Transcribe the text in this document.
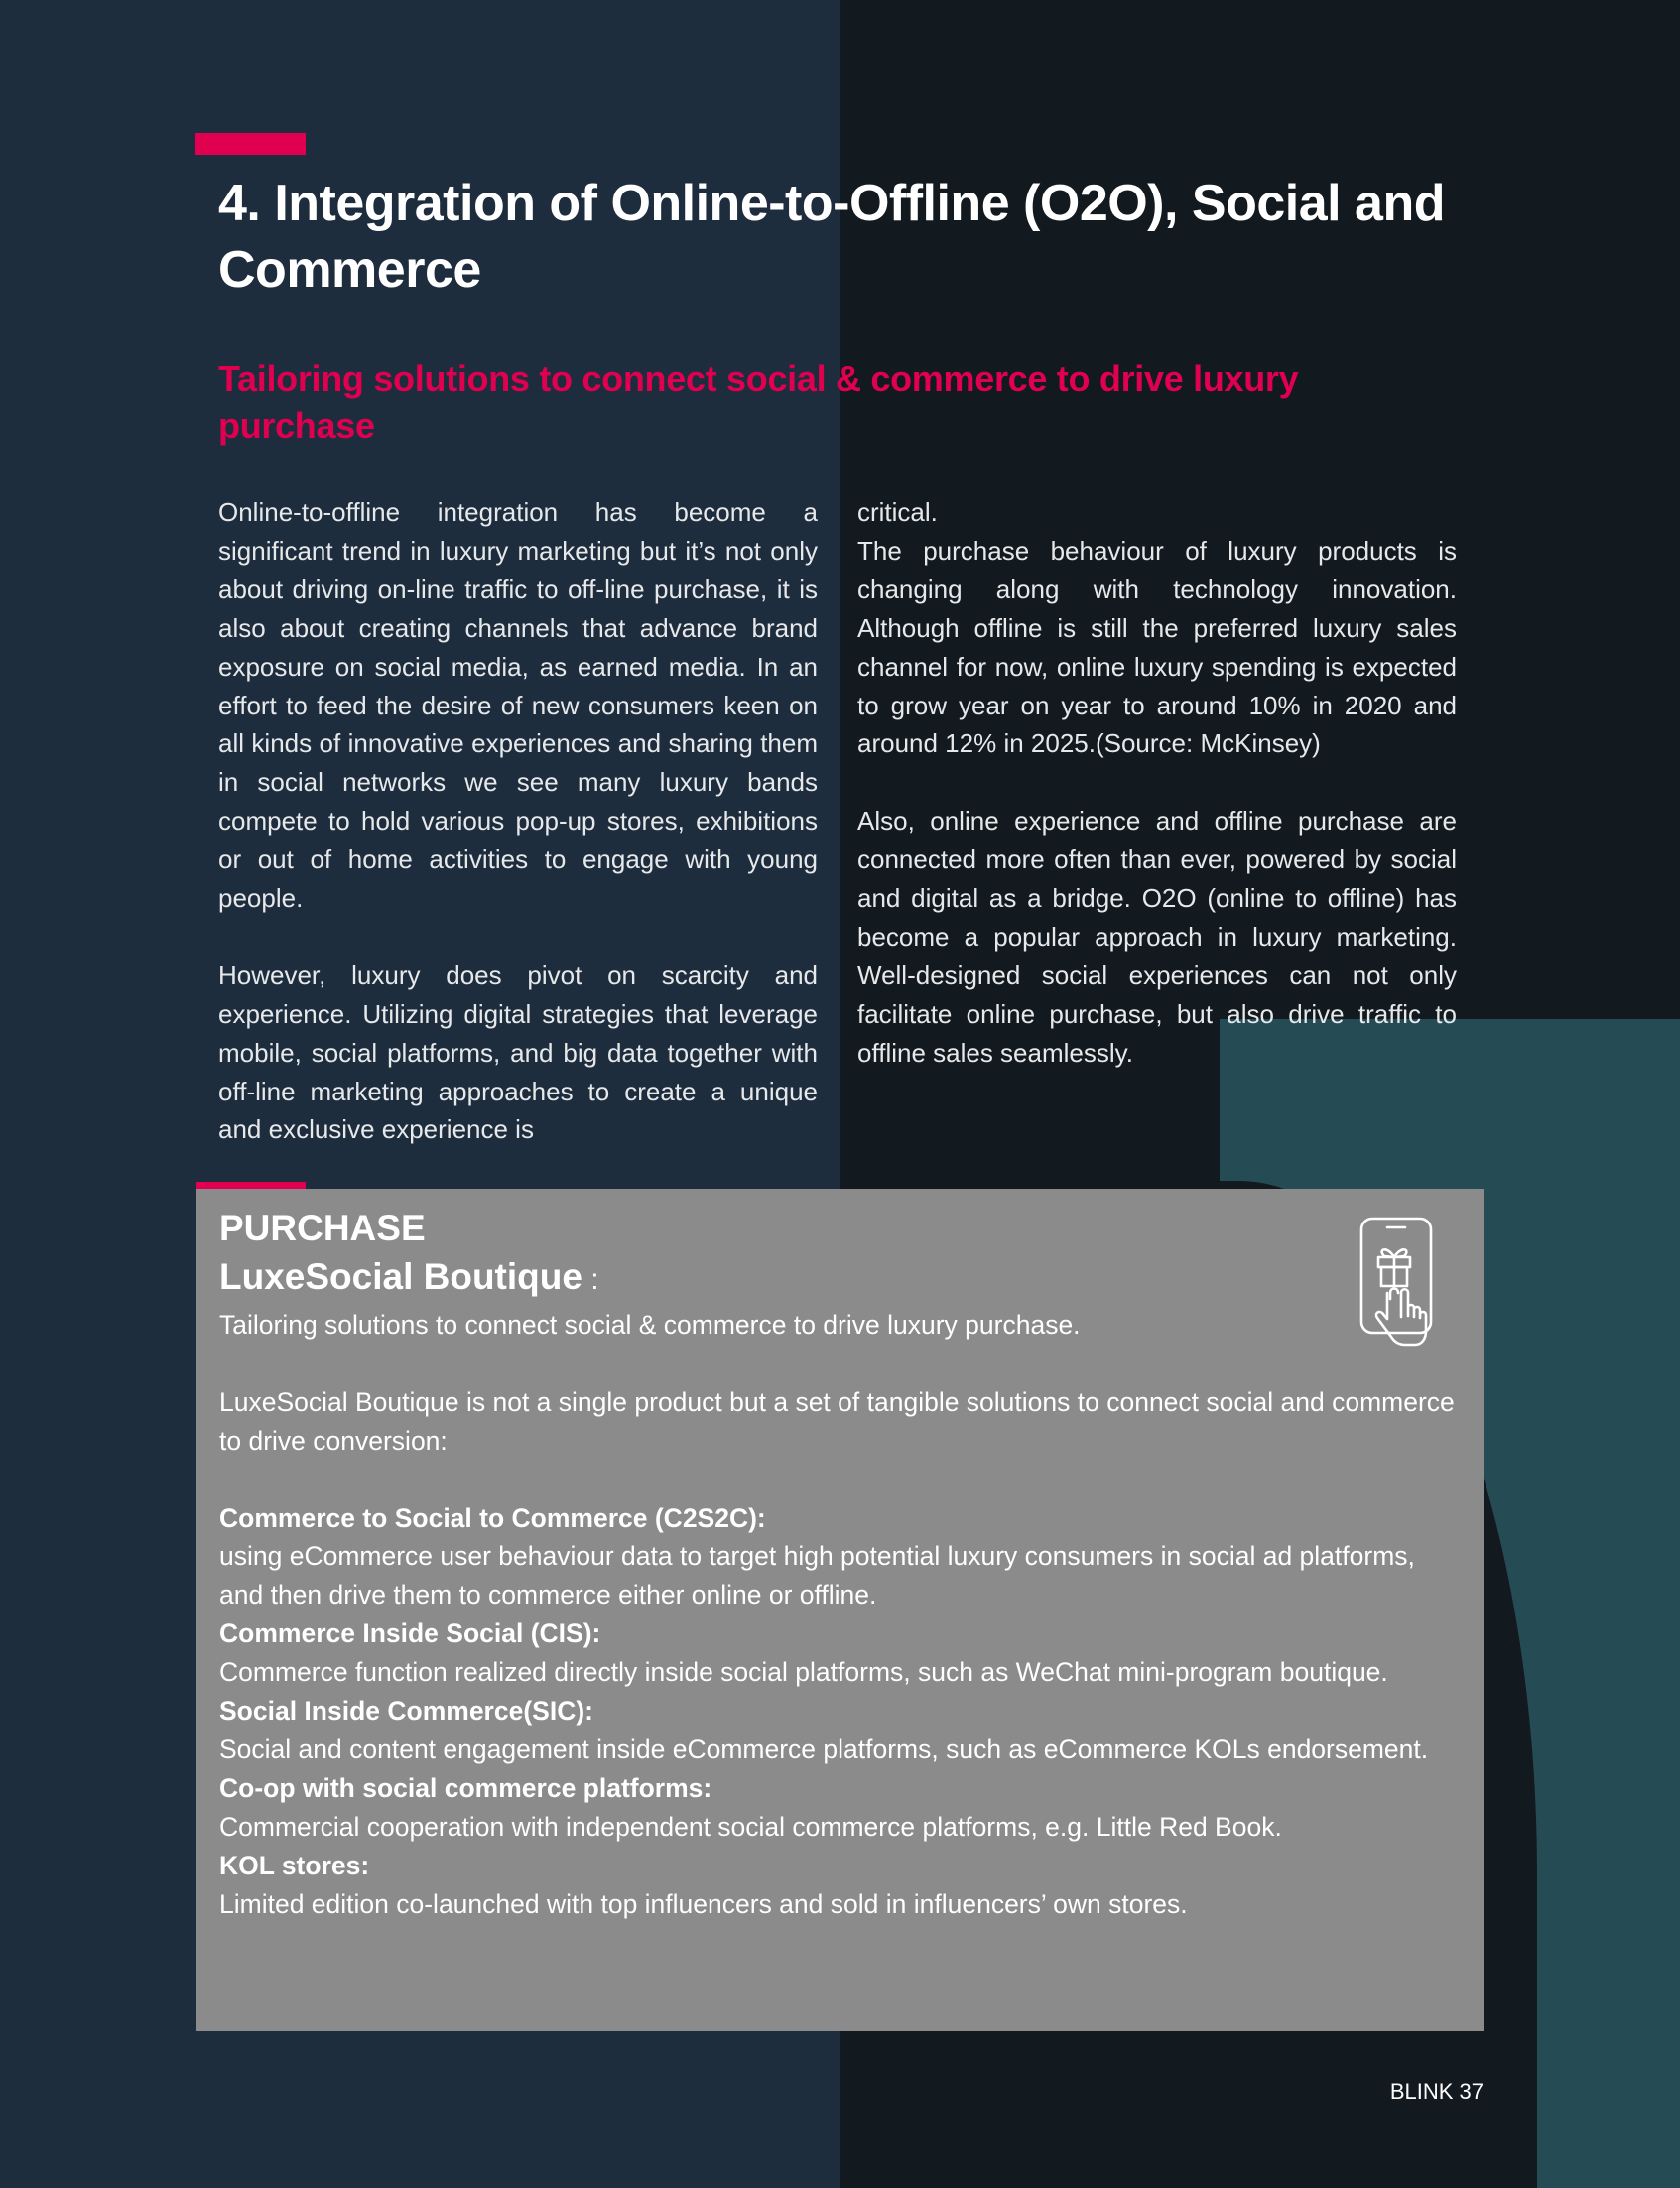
4. Integration of Online-to-Offline (O2O), Social and Commerce
Tailoring solutions to connect social & commerce to drive luxury purchase

Online-to-offline integration has become a significant trend in luxury marketing but it’s not only about driving on-line traffic to off-line purchase, it is also about creating channels that advance brand exposure on social media, as earned media. In an effort to feed the desire of new consumers keen on all kinds of innovative experiences and sharing them in social networks we see many luxury bands compete to hold various pop-up stores, exhibitions or out of home activities to engage with young people.

However, luxury does pivot on scarcity and experience. Utilizing digital strategies that leverage mobile, social platforms, and big data together with off-line marketing approaches to create a unique and exclusive experience is

critical.

The purchase behaviour of luxury products is changing along with technology innovation. Although offline is still the preferred luxury sales channel for now, online luxury spending is expected to grow year on year to around 10% in 2020 and around 12% in 2025.(Source: McKinsey)

Also, online experience and offline purchase are connected more often than ever, powered by social and digital as a bridge. O2O (online to offline) has become a popular approach in luxury marketing. Well-designed social experiences can not only facilitate online purchase, but also drive traffic to offline sales seamlessly.

PURCHASE
LuxeSocial Boutique :

Tailoring solutions to connect social & commerce to drive luxury purchase.

LuxeSocial Boutique is not a single product but a set of tangible solutions to connect social and commerce to drive conversion:

Commerce to Social to Commerce (C2S2C):

using eCommerce user behaviour data to target high potential luxury consumers in social ad platforms, and then drive them to commerce either online or offline.

Commerce Inside Social (CIS):

Commerce function realized directly inside social platforms, such as WeChat mini-program boutique.

Social Inside Commerce(SIC):

Social and content engagement inside eCommerce platforms, such as eCommerce KOLs endorsement.

Co-op with social commerce platforms:

Commercial cooperation with independent social commerce platforms, e.g. Little Red Book.

KOL stores:

Limited edition co-launched with top influencers and sold in influencers’ own stores.

BLINK 37
